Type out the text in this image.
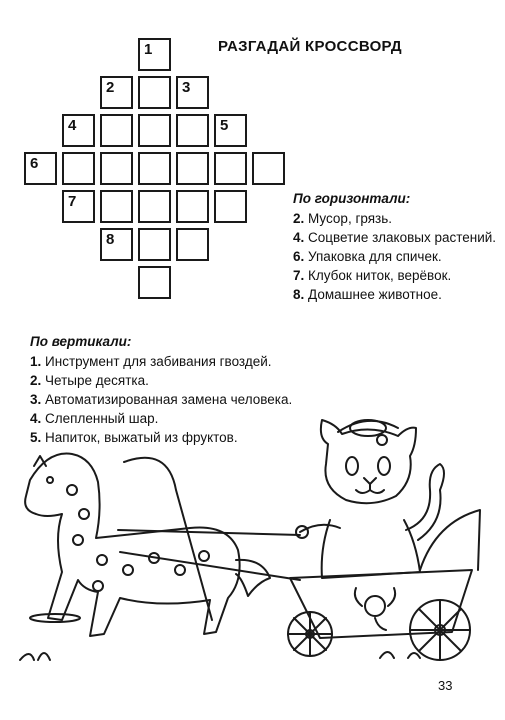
РАЗГАДАЙ КРОССВОРД
1
2	3
4	5
6
7
8
По горизонтали:
2. Мусор, грязь.
4. Соцветие злаковых растений.
6. Упаковка для спичек.
7. Клубок ниток, верёвок.
8. Домашнее животное.
По вертикали:
1. Инструмент для забивания гвоздей.
2. Четыре десятка.
3. Автоматизированная замена человека.
4. Слепленный шар.
5. Напиток, выжатый из фруктов.
33
